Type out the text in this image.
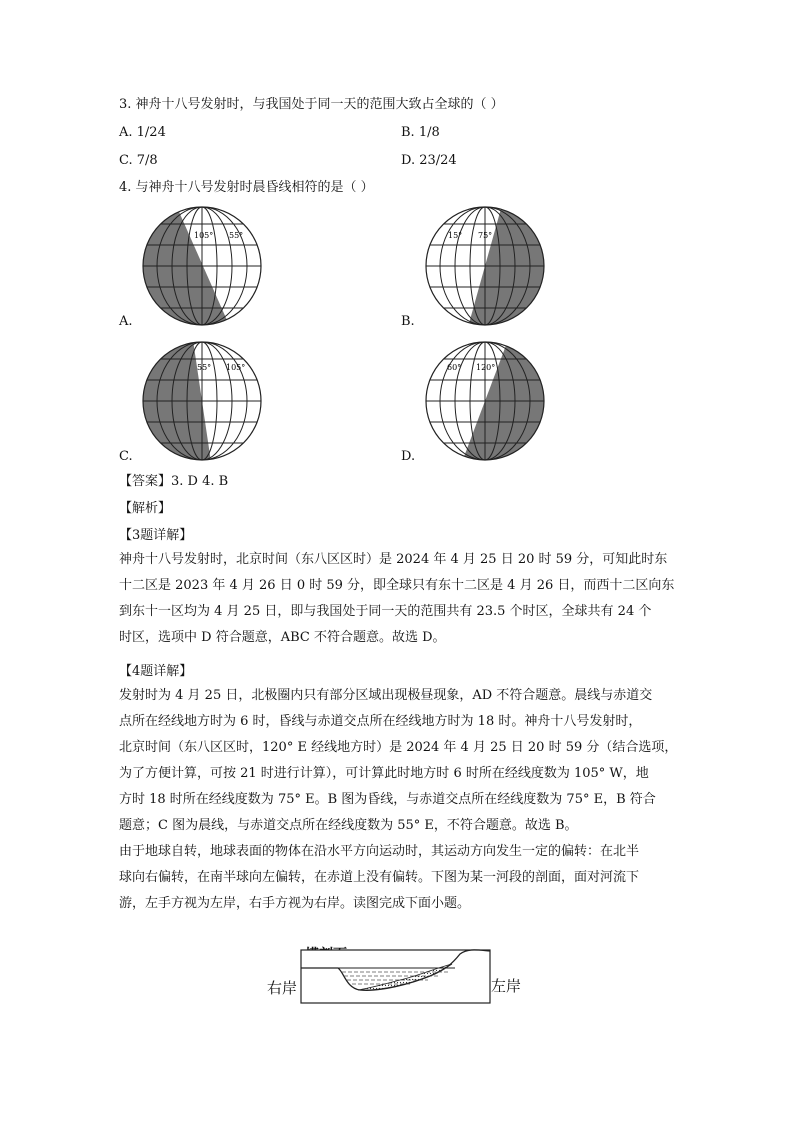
3. 神舟十八号发射时，与我国处于同一天的范围大致占全球的（ ）
A. 1/24	B. 1/8
C. 7/8	D. 23/24
4. 与神舟十八号发射时晨昏线相符的是（ ）
105° 55°
A.
15° 75°
B.
55° 105°
C.
60° 120°
D.
【答案】3. D 4. B
【解析】
【3题详解】

神舟十八号发射时，北京时间（东八区区时）是 2024 年 4 月 25 日 20 时 59 分，可知此时东

十二区是 2023 年 4 月 26 日 0 时 59 分，即全球只有东十二区是 4 月 26 日，而西十二区向东

到东十一区均为 4 月 25 日，即与我国处于同一天的范围共有 23.5 个时区，全球共有 24 个

时区，选项中 D 符合题意，ABC 不符合题意。故选 D。

【4题详解】

发射时为 4 月 25 日，北极圈内只有部分区域出现极昼现象，AD 不符合题意。晨线与赤道交

点所在经线地方时为 6 时，昏线与赤道交点所在经线地方时为 18 时。神舟十八号发射时，

北京时间（东八区区时，120° E 经线地方时）是 2024 年 4 月 25 日 20 时 59 分（结合选项，

为了方便计算，可按 21 时进行计算），可计算此时地方时 6 时所在经线度数为 105° W，地

方时 18 时所在经线度数为 75° E。B 图为昏线，与赤道交点所在经线度数为 75° E，B 符合

题意；C 图为晨线，与赤道交点所在经线度数为 55° E，不符合题意。故选 B。

由于地球自转，地球表面的物体在沿水平方向运动时，其运动方向发生一定的偏转：在北半

球向右偏转，在南半球向左偏转，在赤道上没有偏转。下图为某一河段的剖面，面对河流下

游，左手方视为左岸，右手方视为右岸。读图完成下面小题。

右岸	左岸
